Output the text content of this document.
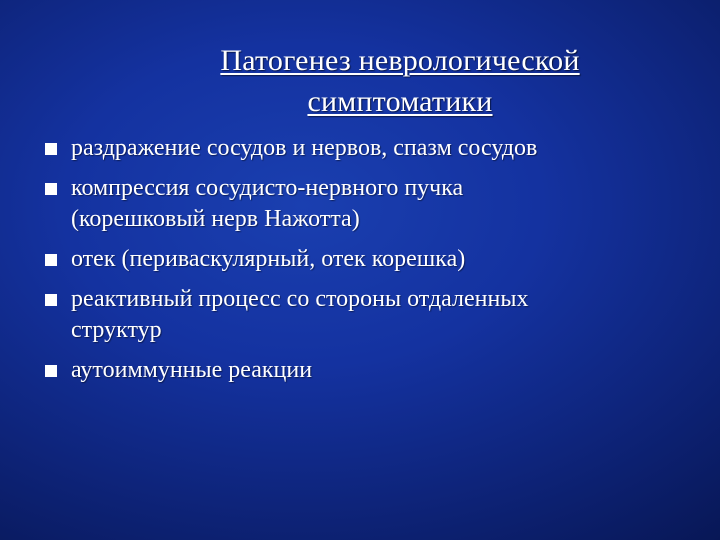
Патогенез неврологической
симптоматики
раздражение сосудов и нервов, спазм сосудов
компрессия сосудисто-нервного пучка
(корешковый нерв Нажотта)
отек (периваскулярный, отек корешка)
реактивный процесс со стороны отдаленных
структур
аутоиммунные реакции
